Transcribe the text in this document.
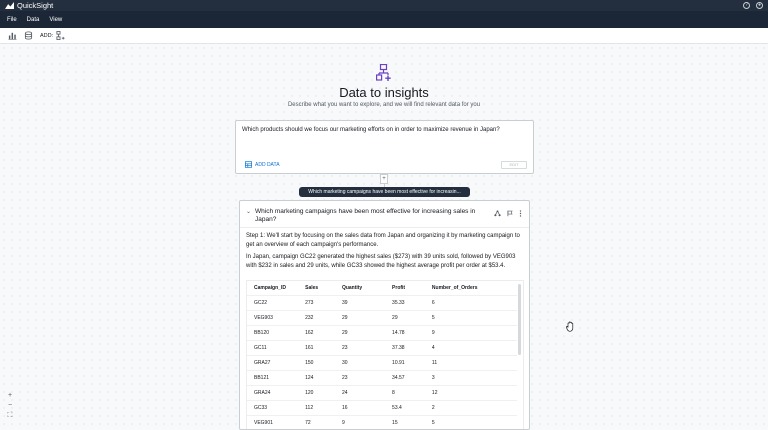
QuickSight	?	●
File Data View
ADD:
Data to insights
Describe what you want to explore, and we will find relevant data for you
Which products should we focus our marketing efforts on in order to maximize revenue in Japan?
ADD DATA	EDIT
+
Which marketing campaigns have been most effective for increasin...
⌄ Which marketing campaigns have been most effective for increasing sales in Japan?
Step 1: We'll start by focusing on the sales data from Japan and organizing it by marketing campaign to get an overview of each campaign's performance.
In Japan, campaign GC22 generated the highest sales ($273) with 39 units sold, followed by VEG903 with $232 in sales and 29 units, while GC33 showed the highest average profit per order at $53.4.
Campaign_ID	Sales	Quantity	Profit	Number_of_Orders
GC22	273	39	35.33	6
VEG903	232	29	29	5
BB120	162	29	14.78	9
GC11	161	23	37.38	4
GRA27	150	30	10.91	11
BB121	124	23	34.57	3
GRA24	120	24	8	12
GC33	112	16	53.4	2
VEG901	72	9	15	5
+
−
⛶
